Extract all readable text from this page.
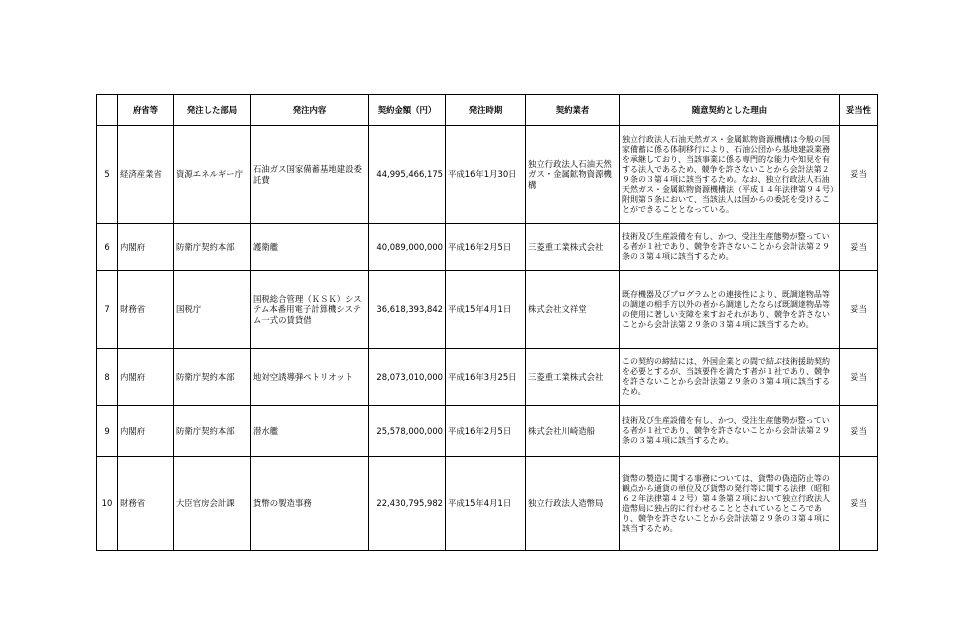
	府省等	発注した部局	発注内容	契約金額（円）	発注時期	契約業者	随意契約とした理由	妥当性
5	経済産業省	資源エネルギー庁	石油ガス国家備蓄基地建設委託費	44,995,466,175	平成16年1月30日	独立行政法人石油天然ガス・金属鉱物資源機構	独立行政法人石油天然ガス・金属鉱物資源機構は今般の国家備蓄に係る体制移行により、石油公団から基地建設業務を承継しており、当該事業に係る専門的な能力や知見を有する法人であるため、競争を許さないことから会計法第２９条の３第４項に該当するため。なお、独立行政法人石油天然ガス・金属鉱物資源機構法（平成１４年法律第９４号）附則第５条において、当該法人は国からの委託を受けることができることとなっている。	妥当
6	内閣府	防衛庁契約本部	護衛艦	40,089,000,000	平成16年2月5日	三菱重工業株式会社	技術及び生産設備を有し、かつ、受注生産態勢が整っている者が１社であり、競争を許さないことから会計法第２９条の３第４項に該当するため。	妥当
7	財務省	国税庁	国税総合管理（ＫＳＫ）システム本番用電子計算機システム一式の賃貸借	36,618,393,842	平成15年4月1日	株式会社文祥堂	既存機器及びプログラムとの連接性により、既調達物品等の調達の相手方以外の者から調達したならば既調達物品等の使用に著しい支障を来すおそれがあり、競争を許さないことから会計法第２９条の３第４項に該当するため。	妥当
8	内閣府	防衛庁契約本部	地対空誘導弾ペトリオット	28,073,010,000	平成16年3月25日	三菱重工業株式会社	この契約の締結には、外国企業との間で結ぶ技術援助契約を必要とするが、当該要件を満たす者が１社であり、競争を許さないことから会計法第２９条の３第４項に該当するため。	妥当
9	内閣府	防衛庁契約本部	潜水艦	25,578,000,000	平成16年2月5日	株式会社川崎造船	技術及び生産設備を有し、かつ、受注生産態勢が整っている者が１社であり、競争を許さないことから会計法第２９条の３第４項に該当するため。	妥当
10	財務省	大臣官房会計課	貨幣の製造事務	22,430,795,982	平成15年4月1日	独立行政法人造幣局	貨幣の製造に関する事務については、貨幣の偽造防止等の観点から通貨の単位及び貨幣の発行等に関する法律（昭和６２年法律第４２号）第４条第２項において独立行政法人造幣局に独占的に行わせることとされているところであり、競争を許さないことから会計法第２９条の３第４項に該当するため。	妥当
